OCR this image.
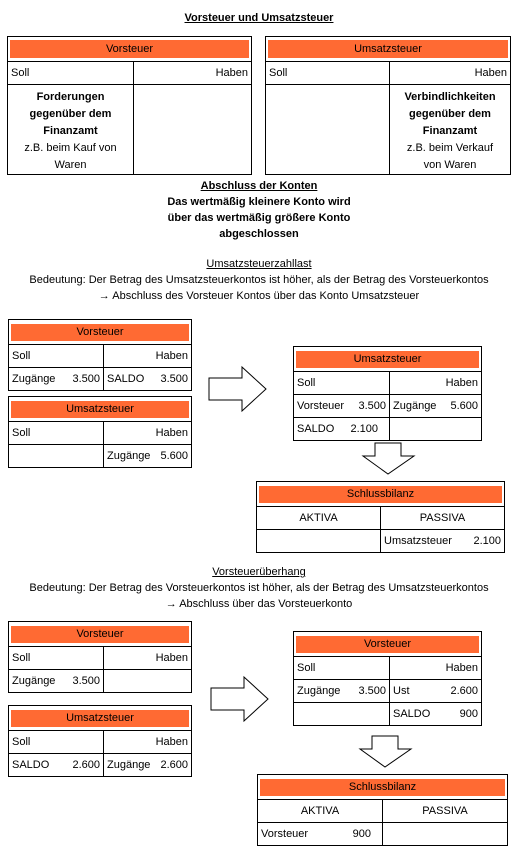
Vorsteuer und Umsatzsteuer
Vorsteuer	

Soll	Haben

Forderungen
gegenüber dem
Finanzamt
z.B. beim Kauf von
Waren	

Umsatzsteuer	

Soll	Haben

	Verbindlichkeiten
gegenüber dem
Finanzamt
z.B. beim Verkauf
von Waren
Abschluss der Konten
Das wertmäßig kleinere Konto wird
über das wertmäßig größere Konto
abgeschlossen
Umsatzsteuerzahllast
Bedeutung: Der Betrag des Umsatzsteuerkontos ist höher, als der Betrag des Vorsteuerkontos
→ Abschluss des Vorsteuer Kontos über das Konto Umsatzsteuer
Vorsteuer	

Soll	Haben

Zugänge 3.500	SALDO 3.500
Umsatzsteuer	

Soll	Haben

	Zugänge 5.600
Umsatzsteuer	

Soll	Haben

Vorsteuer 3.500	Zugänge 5.600

SALDO 2.100	

Schlussbilanz	

AKTIVA	PASSIVA

	Umsatzsteuer 2.100
Vorsteuerüberhang
Bedeutung: Der Betrag des Vorsteuerkontos ist höher, als der Betrag des Umsatzsteuerkontos
→ Abschluss über das Vorsteuerkonto
Vorsteuer	

Soll	Haben

Zugänge 3.500	

Umsatzsteuer	

Soll	Haben

SALDO 2.600	Zugänge 2.600
Vorsteuer	

Soll	Haben

Zugänge 3.500	Ust 2.600

	SALDO 900
Schlussbilanz	

AKTIVA	PASSIVA

Vorsteuer 900	
